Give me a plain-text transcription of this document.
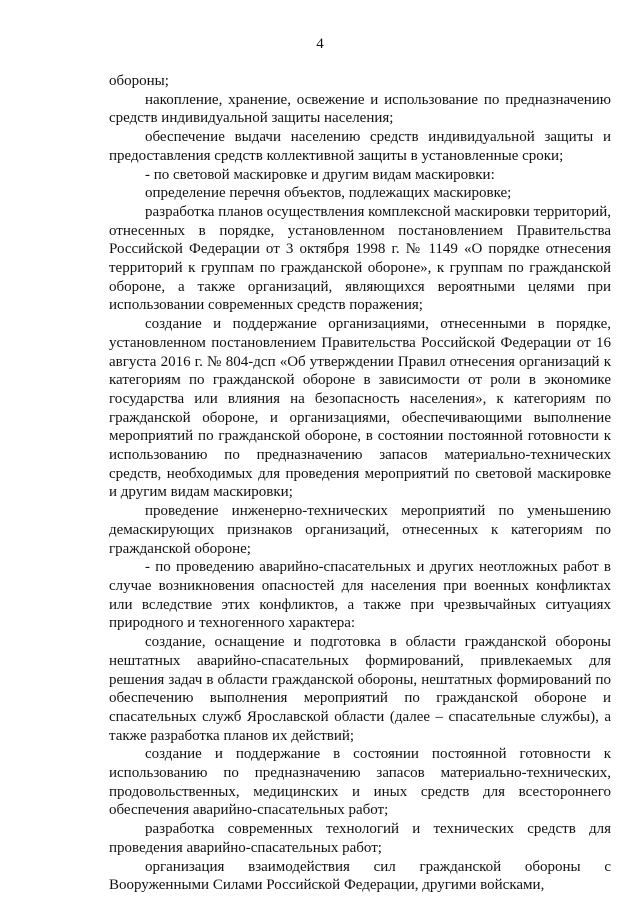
4

обороны;

накопление, хранение, освежение и использование по предназначению средств индивидуальной защиты населения;

обеспечение выдачи населению средств индивидуальной защиты и предоставления средств коллективной защиты в установленные сроки;

- по световой маскировке и другим видам маскировки:

определение перечня объектов, подлежащих маскировке;

разработка планов осуществления комплексной маскировки территорий, отнесенных в порядке, установленном постановлением Правительства Российской Федерации от 3 октября 1998 г. № 1149 «О порядке отнесения территорий к группам по гражданской обороне», к группам по гражданской обороне, а также организаций, являющихся вероятными целями при использовании современных средств поражения;

создание и поддержание организациями, отнесенными в порядке, установленном постановлением Правительства Российской Федерации от 16 августа 2016 г. № 804-дсп «Об утверждении Правил отнесения организаций к категориям по гражданской обороне в зависимости от роли в экономике государства или влияния на безопасность населения», к категориям по гражданской обороне, и организациями, обеспечивающими выполнение мероприятий по гражданской обороне, в состоянии постоянной готовности к использованию по предназначению запасов материально-технических средств, необходимых для проведения мероприятий по световой маскировке и другим видам маскировки;

проведение инженерно-технических мероприятий по уменьшению демаскирующих признаков организаций, отнесенных к категориям по гражданской обороне;

- по проведению аварийно-спасательных и других неотложных работ в случае возникновения опасностей для населения при военных конфликтах или вследствие этих конфликтов, а также при чрезвычайных ситуациях природного и техногенного характера:

создание, оснащение и подготовка в области гражданской обороны нештатных аварийно-спасательных формирований, привлекаемых для решения задач в области гражданской обороны, нештатных формирований по обеспечению выполнения мероприятий по гражданской обороне и спасательных служб Ярославской области (далее – спасательные службы), а также разработка планов их действий;

создание и поддержание в состоянии постоянной готовности к использованию по предназначению запасов материально-технических, продовольственных, медицинских и иных средств для всестороннего обеспечения аварийно-спасательных работ;

разработка современных технологий и технических средств для проведения аварийно-спасательных работ;

организация взаимодействия сил гражданской обороны с Вооруженными Силами Российской Федерации, другими войсками,
